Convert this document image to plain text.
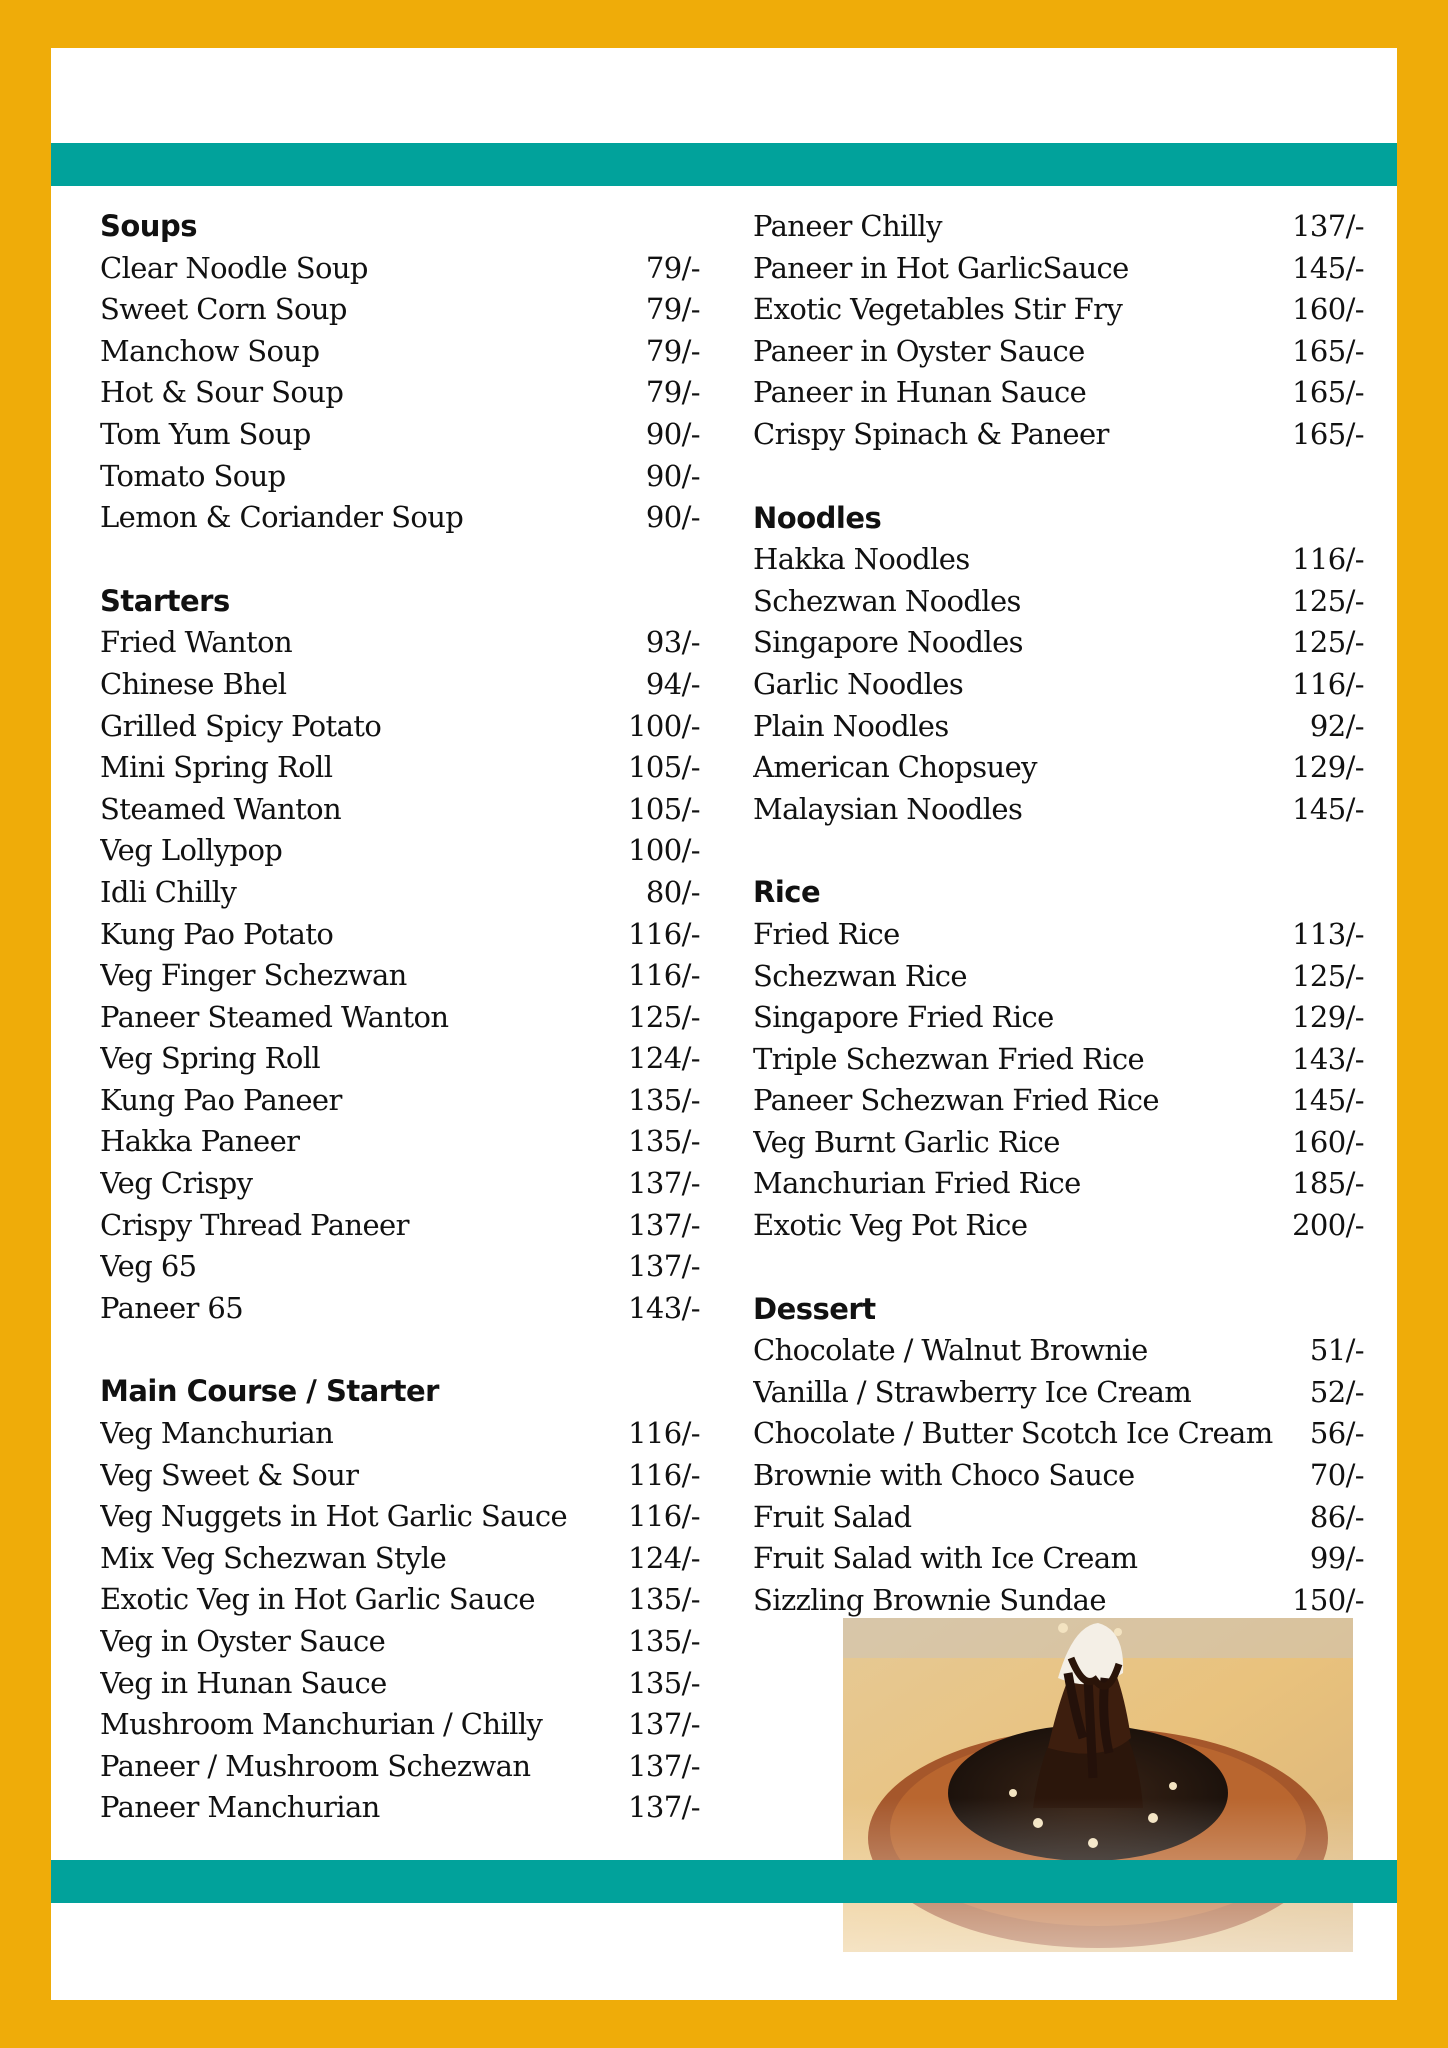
Soups
Clear Noodle Soup	79/-
Sweet Corn Soup	79/-
Manchow Soup	79/-
Hot & Sour Soup	79/-
Tom Yum Soup	90/-
Tomato Soup	90/-
Lemon & Coriander Soup	90/-
Starters
Fried Wanton	93/-
Chinese Bhel	94/-
Grilled Spicy Potato	100/-
Mini Spring Roll	105/-
Steamed Wanton	105/-
Veg Lollypop	100/-
Idli Chilly	80/-
Kung Pao Potato	116/-
Veg Finger Schezwan	116/-
Paneer Steamed Wanton	125/-
Veg Spring Roll	124/-
Kung Pao Paneer	135/-
Hakka Paneer	135/-
Veg Crispy	137/-
Crispy Thread Paneer	137/-
Veg 65	137/-
Paneer 65	143/-
Main Course / Starter
Veg Manchurian	116/-
Veg Sweet & Sour	116/-
Veg Nuggets in Hot Garlic Sauce	116/-
Mix Veg Schezwan Style	124/-
Exotic Veg in Hot Garlic Sauce	135/-
Veg in Oyster Sauce	135/-
Veg in Hunan Sauce	135/-
Mushroom Manchurian / Chilly	137/-
Paneer / Mushroom Schezwan	137/-
Paneer Manchurian	137/-
Paneer Chilly	137/-
Paneer in Hot GarlicSauce	145/-
Exotic Vegetables Stir Fry	160/-
Paneer in Oyster Sauce	165/-
Paneer in Hunan Sauce	165/-
Crispy Spinach & Paneer	165/-
Noodles
Hakka Noodles	116/-
Schezwan Noodles	125/-
Singapore Noodles	125/-
Garlic Noodles	116/-
Plain Noodles	92/-
American Chopsuey	129/-
Malaysian Noodles	145/-
Rice
Fried Rice	113/-
Schezwan Rice	125/-
Singapore Fried Rice	129/-
Triple Schezwan Fried Rice	143/-
Paneer Schezwan Fried Rice	145/-
Veg Burnt Garlic Rice	160/-
Manchurian Fried Rice	185/-
Exotic Veg Pot Rice	200/-
Dessert
Chocolate / Walnut Brownie	51/-
Vanilla / Strawberry Ice Cream	52/-
Chocolate / Butter Scotch Ice Cream	56/-
Brownie with Choco Sauce	70/-
Fruit Salad	86/-
Fruit Salad with Ice Cream	99/-
Sizzling Brownie Sundae	150/-
